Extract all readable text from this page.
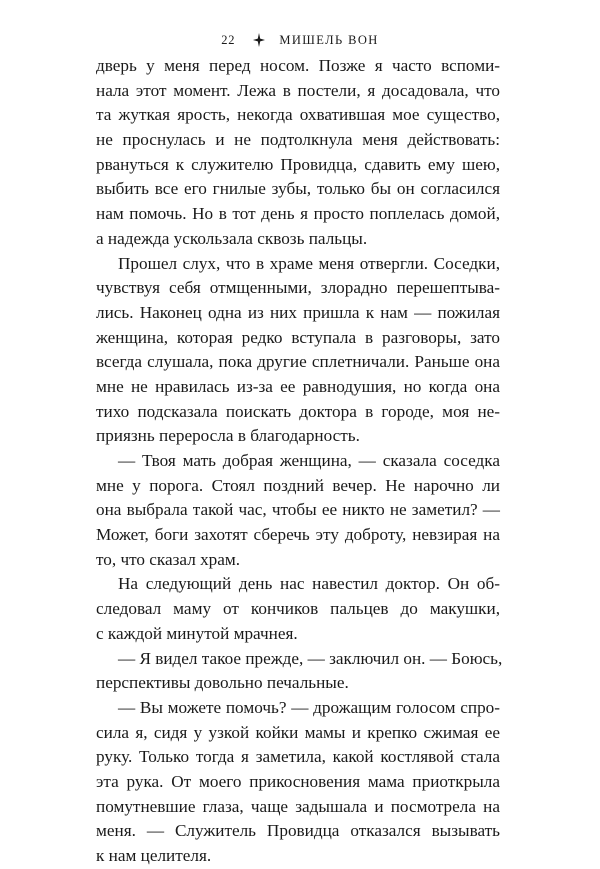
22	МИШЕЛЬ ВОН
дверь у меня перед носом. Позже я часто вспоми-
нала этот момент. Лежа в постели, я досадовала, что
та жуткая ярость, некогда охватившая мое существо,
не проснулась и не подтолкнула меня действовать:
рвануться к служителю Провидца, сдавить ему шею,
выбить все его гнилые зубы, только бы он согласился
нам помочь. Но в тот день я просто поплелась домой,
а надежда ускользала сквозь пальцы.
Прошел слух, что в храме меня отвергли. Соседки,
чувствуя себя отмщенными, злорадно перешептыва-
лись. Наконец одна из них пришла к нам — пожилая
женщина, которая редко вступала в разговоры, зато
всегда слушала, пока другие сплетничали. Раньше она
мне не нравилась из-за ее равнодушия, но когда она
тихо подсказала поискать доктора в городе, моя не-
приязнь переросла в благодарность.
— Твоя мать добрая женщина, — сказала соседка
мне у порога. Стоял поздний вечер. Не нарочно ли
она выбрала такой час, чтобы ее никто не заметил? —
Может, боги захотят сберечь эту доброту, невзирая на
то, что сказал храм.
На следующий день нас навестил доктор. Он об-
следовал маму от кончиков пальцев до макушки,
с каждой минутой мрачнея.
— Я видел такое прежде, — заключил он. — Боюсь,
перспективы довольно печальные.
— Вы можете помочь? — дрожащим голосом спро-
сила я, сидя у узкой койки мамы и крепко сжимая ее
руку. Только тогда я заметила, какой костлявой стала
эта рука. От моего прикосновения мама приоткрыла
помутневшие глаза, чаще задышала и посмотрела на
меня. — Служитель Провидца отказался вызывать
к нам целителя.
